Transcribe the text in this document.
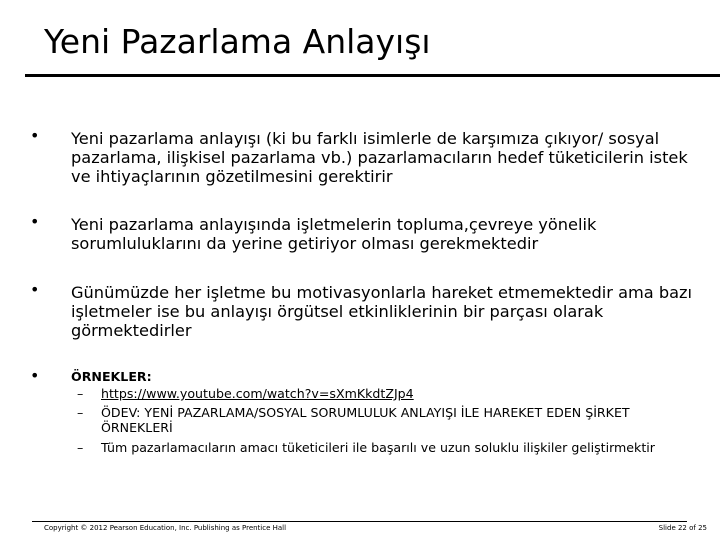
Yeni Pazarlama Anlayışı
• Yeni pazarlama anlayışı (ki bu farklı isimlerle de karşımıza çıkıyor/ sosyal pazarlama, ilişkisel pazarlama vb.) pazarlamacıların hedef tüketicilerin istek ve ihtiyaçlarının gözetilmesini gerektirir
• Yeni pazarlama anlayışında işletmelerin topluma,çevreye yönelik sorumluluklarını da yerine getiriyor olması gerekmektedir
• Günümüzde her işletme bu motivasyonlarla hareket etmemektedir ama bazı işletmeler ise bu anlayışı örgütsel etkinliklerinin bir parçası olarak görmektedirler
•	ÖRNEKLER:
– https://www.youtube.com/watch?v=sXmKkdtZJp4
– ÖDEV: YENİ PAZARLAMA/SOSYAL SORUMLULUK ANLAYIŞI İLE HAREKET EDEN ŞİRKET ÖRNEKLERİ
– Tüm pazarlamacıların amacı tüketicileri ile başarılı ve uzun soluklu ilişkiler geliştirmektir
Copyright © 2012 Pearson Education, Inc. Publishing as Prentice Hall	Slide 22 of 25
